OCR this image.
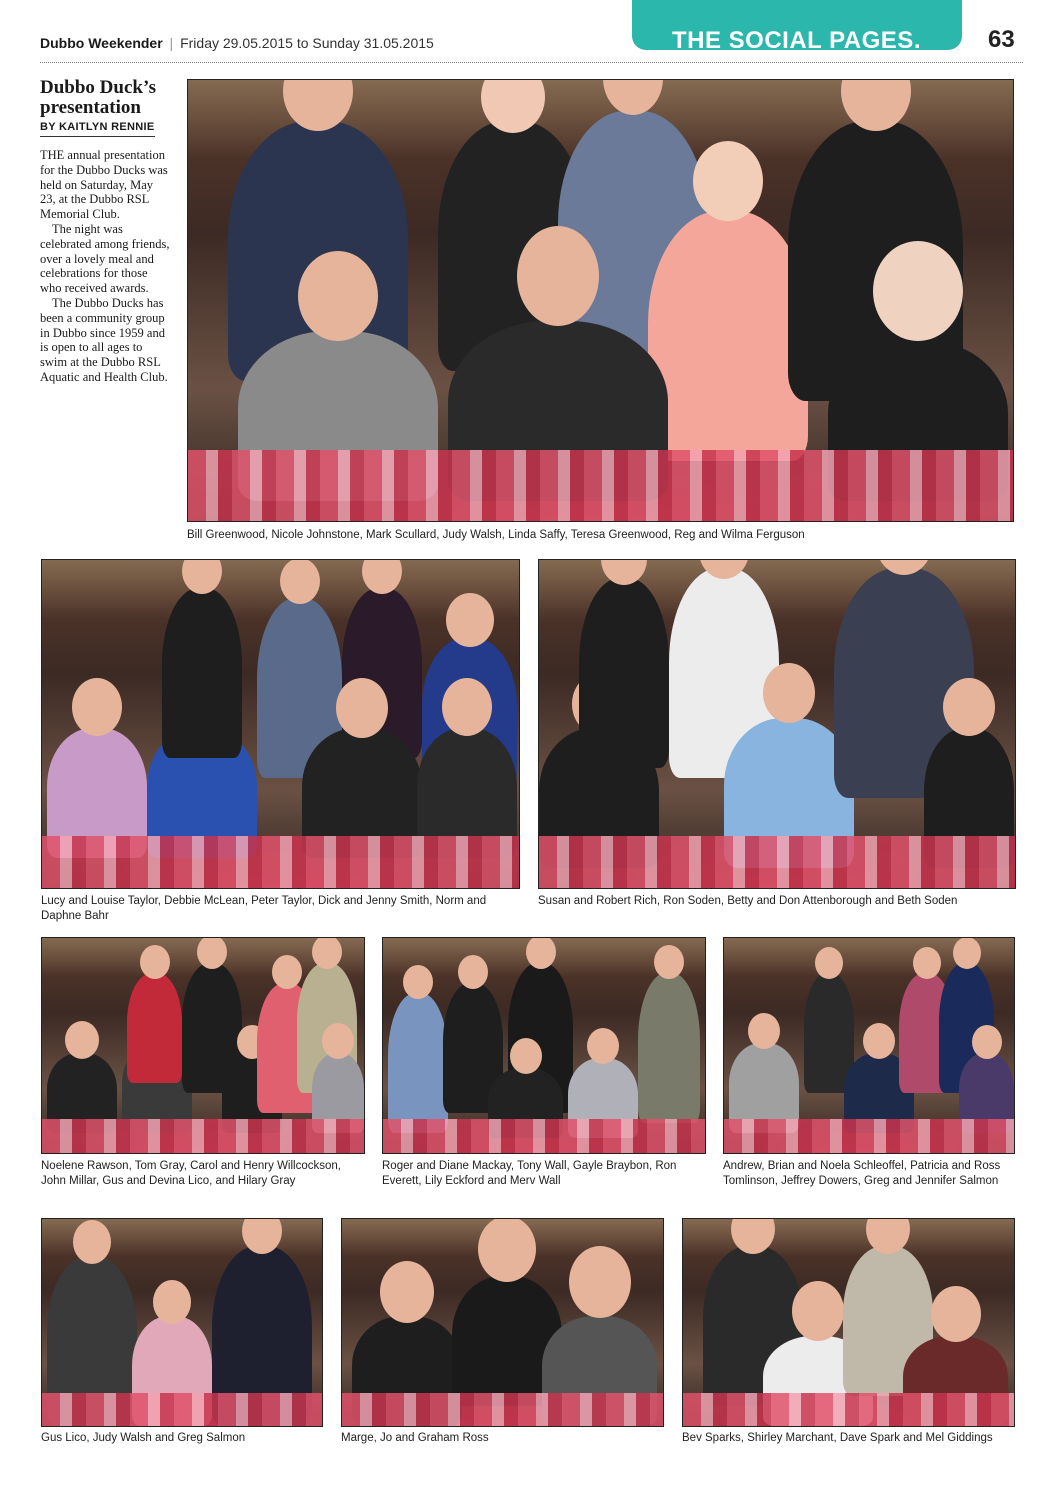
Dubbo Weekender | Friday 29.05.2015 to Sunday 31.05.2015	THE SOCIAL PAGES.	63
Dubbo Duck’s presentation
BY KAITLYN RENNIE

THE annual presentation for the Dubbo Ducks was held on Saturday, May 23, at the Dubbo RSL Memorial Club.

The night was celebrated among friends, over a lovely meal and celebrations for those who received awards.

The Dubbo Ducks has been a community group in Dubbo since 1959 and is open to all ages to swim at the Dubbo RSL Aquatic and Health Club.

Bill Greenwood, Nicole Johnstone, Mark Scullard, Judy Walsh, Linda Saffy, Teresa Greenwood, Reg and Wilma Ferguson
Lucy and Louise Taylor, Debbie McLean, Peter Taylor, Dick and Jenny Smith, Norm and Daphne Bahr
Susan and Robert Rich, Ron Soden, Betty and Don Attenborough and Beth Soden
Noelene Rawson, Tom Gray, Carol and Henry Willcockson, John Millar, Gus and Devina Lico, and Hilary Gray
Roger and Diane Mackay, Tony Wall, Gayle Braybon, Ron Everett, Lily Eckford and Merv Wall
Andrew, Brian and Noela Schleoffel, Patricia and Ross Tomlinson, Jeffrey Dowers, Greg and Jennifer Salmon
Gus Lico, Judy Walsh and Greg Salmon	Marge, Jo and Graham Ross	Bev Sparks, Shirley Marchant, Dave Spark and Mel Giddings
